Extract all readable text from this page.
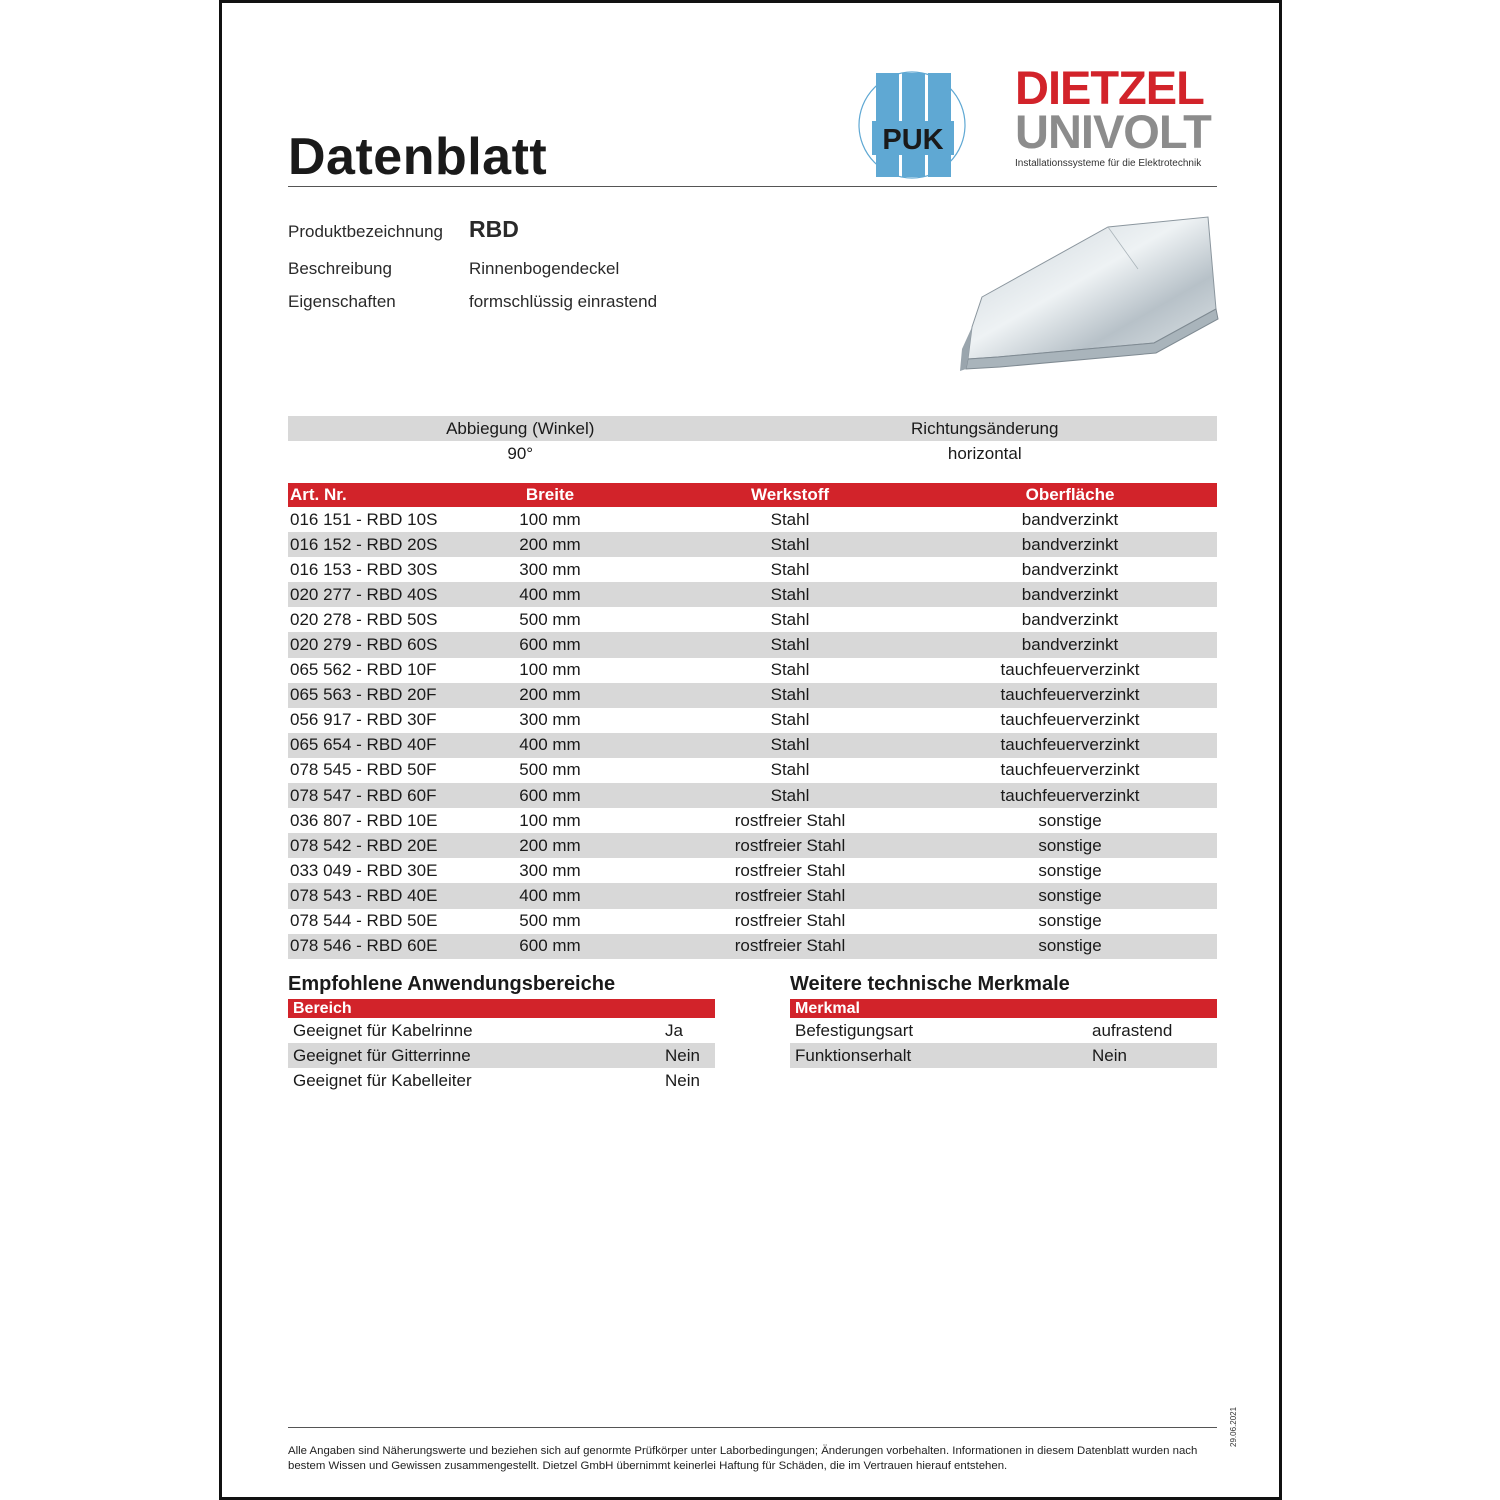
Datenblatt	PUK
DIETZEL
UNIVOLT
Installationssysteme für die Elektrotechnik
Produktbezeichnung RBD
Beschreibung	Rinnenbogendeckel
Eigenschaften	formschlüssig einrastend
Abbiegung (Winkel)	Richtungsänderung
90°	horizontal
Art. Nr.	Breite	Werkstoff	Oberfläche
016 151 - RBD 10S	100 mm	Stahl	bandverzinkt
016 152 - RBD 20S	200 mm	Stahl	bandverzinkt
016 153 - RBD 30S	300 mm	Stahl	bandverzinkt
020 277 - RBD 40S	400 mm	Stahl	bandverzinkt
020 278 - RBD 50S	500 mm	Stahl	bandverzinkt
020 279 - RBD 60S	600 mm	Stahl	bandverzinkt
065 562 - RBD 10F	100 mm	Stahl	tauchfeuerverzinkt
065 563 - RBD 20F	200 mm	Stahl	tauchfeuerverzinkt
056 917 - RBD 30F	300 mm	Stahl	tauchfeuerverzinkt
065 654 - RBD 40F	400 mm	Stahl	tauchfeuerverzinkt
078 545 - RBD 50F	500 mm	Stahl	tauchfeuerverzinkt
078 547 - RBD 60F	600 mm	Stahl	tauchfeuerverzinkt
036 807 - RBD 10E	100 mm	rostfreier Stahl	sonstige
078 542 - RBD 20E	200 mm	rostfreier Stahl	sonstige
033 049 - RBD 30E	300 mm	rostfreier Stahl	sonstige
078 543 - RBD 40E	400 mm	rostfreier Stahl	sonstige
078 544 - RBD 50E	500 mm	rostfreier Stahl	sonstige
078 546 - RBD 60E	600 mm	rostfreier Stahl	sonstige
Empfohlene Anwendungsbereiche
Bereich
Geeignet für Kabelrinne	Ja
Geeignet für Gitterrinne	Nein
Geeignet für Kabelleiter	Nein
Weitere technische Merkmale
Merkmal
Befestigungsart	aufrastend
Funktionserhalt	Nein
Alle Angaben sind Näherungswerte und beziehen sich auf genormte Prüfkörper unter Laborbedingungen; Änderungen vorbehalten. Informationen in diesem Datenblatt wurden nach bestem Wissen und Gewissen zusammengestellt. Dietzel GmbH übernimmt keinerlei Haftung für Schäden, die im Vertrauen hierauf entstehen.
29.06.2021
